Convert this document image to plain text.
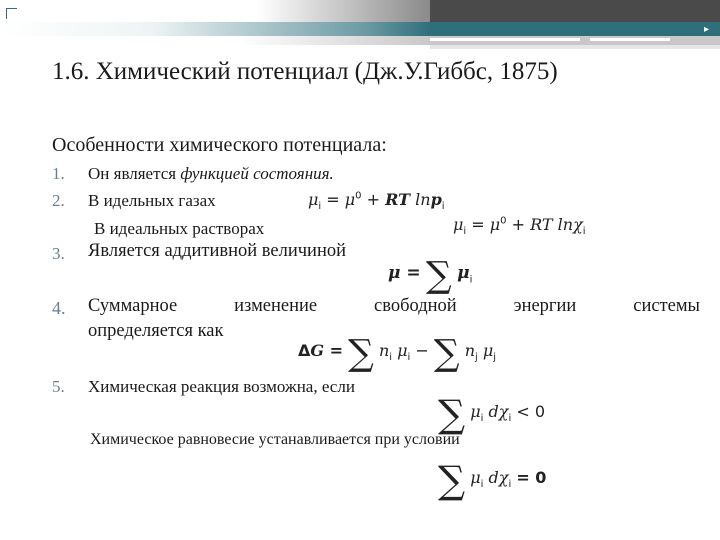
▸
1.6. Химический потенциал (Дж.У.Гиббс, 1875)
Особенности химического потенциала:
1. Он является функцией состояния.
2. В идельных газах	$\mu_i = \mu^0$ + RT lnp$_i$
В идеальных растворах	$\mu_i = \mu^0$ + RT lnχ$_i$
3. Является аддитивной величиной
μ = ∑ $\mu_i$
4. Суммарное	изменение	свободной	энергии	системы
определяется как
ΔG = ∑ $n_i$ $\mu_i$ − ∑ $n_j$ $\mu_j$
5. Химическая реакция возможна, если
∑ $\mu_i$ $d\chi_i < 0$
Химическое равновесие устанавливается при условии
∑ $\mu_i$ $d\chi_i = 0$
